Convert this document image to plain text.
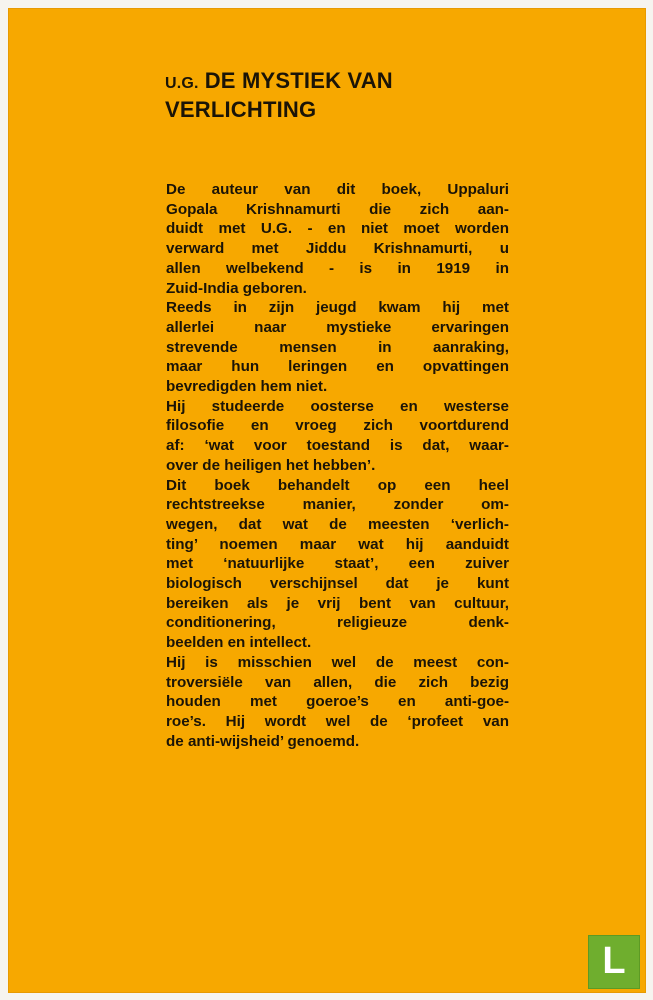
U.G. DE MYSTIEK VAN
VERLICHTING
De auteur van dit boek, Uppaluri
Gopala Krishnamurti die zich aan-
duidt met U.G. - en niet moet worden
verward met Jiddu Krishnamurti, u
allen welbekend - is in 1919 in
Zuid-India geboren.
Reeds in zijn jeugd kwam hij met
allerlei naar mystieke ervaringen
strevende mensen in aanraking,
maar hun leringen en opvattingen
bevredigden hem niet.
Hij studeerde oosterse en westerse
filosofie en vroeg zich voortdurend
af: ‘wat voor toestand is dat, waar-
over de heiligen het hebben’.
Dit boek behandelt op een heel
rechtstreekse manier, zonder om-
wegen, dat wat de meesten ‘verlich-
ting’ noemen maar wat hij aanduidt
met ‘natuurlijke staat’, een zuiver
biologisch verschijnsel dat je kunt
bereiken als je vrij bent van cultuur,
conditionering, religieuze denk-
beelden en intellect.
Hij is misschien wel de meest con-
troversiële van allen, die zich bezig
houden met goeroe’s en anti-goe-
roe’s. Hij wordt wel de ‘profeet van
de anti-wijsheid’ genoemd.
L
